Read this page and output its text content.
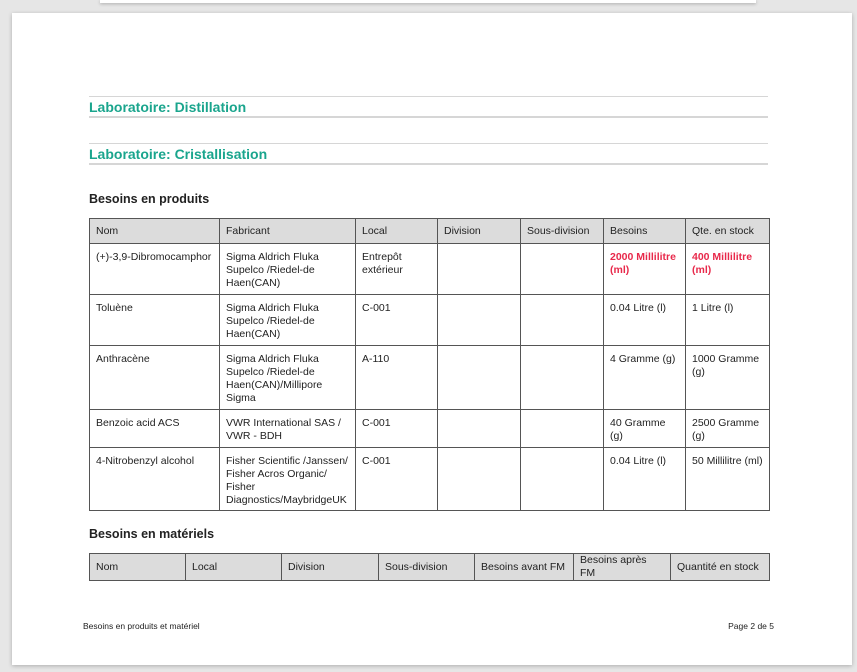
Laboratoire: Distillation
Laboratoire: Cristallisation
Besoins en produits
Nom	Fabricant	Local	Division	Sous-division	Besoins	Qte. en stock
(+)-3,9-Dibromocamphor	Sigma Aldrich Fluka Supelco /Riedel-de Haen(CAN)	Entrepôt extérieur			2000 Millilitre (ml)	400 Millilitre (ml)
Toluène	Sigma Aldrich Fluka Supelco /Riedel-de Haen(CAN)	C-001			0.04 Litre (l)	1 Litre (l)
Anthracène	Sigma Aldrich Fluka Supelco /Riedel-de Haen(CAN)/Millipore Sigma	A-110			4 Gramme (g)	1000 Gramme (g)
Benzoic acid ACS	VWR International SAS / VWR - BDH	C-001			40 Gramme (g)	2500 Gramme (g)
4-Nitrobenzyl alcohol	Fisher Scientific /Janssen/ Fisher Acros Organic/ Fisher Diagnostics/MaybridgeUK	C-001			0.04 Litre (l)	50 Millilitre (ml)
Besoins en matériels
Nom	Local	Division	Sous-division	Besoins avant FM	Besoins après FM	Quantité en stock
Besoins en produits et matériel	Page 2 de 5
